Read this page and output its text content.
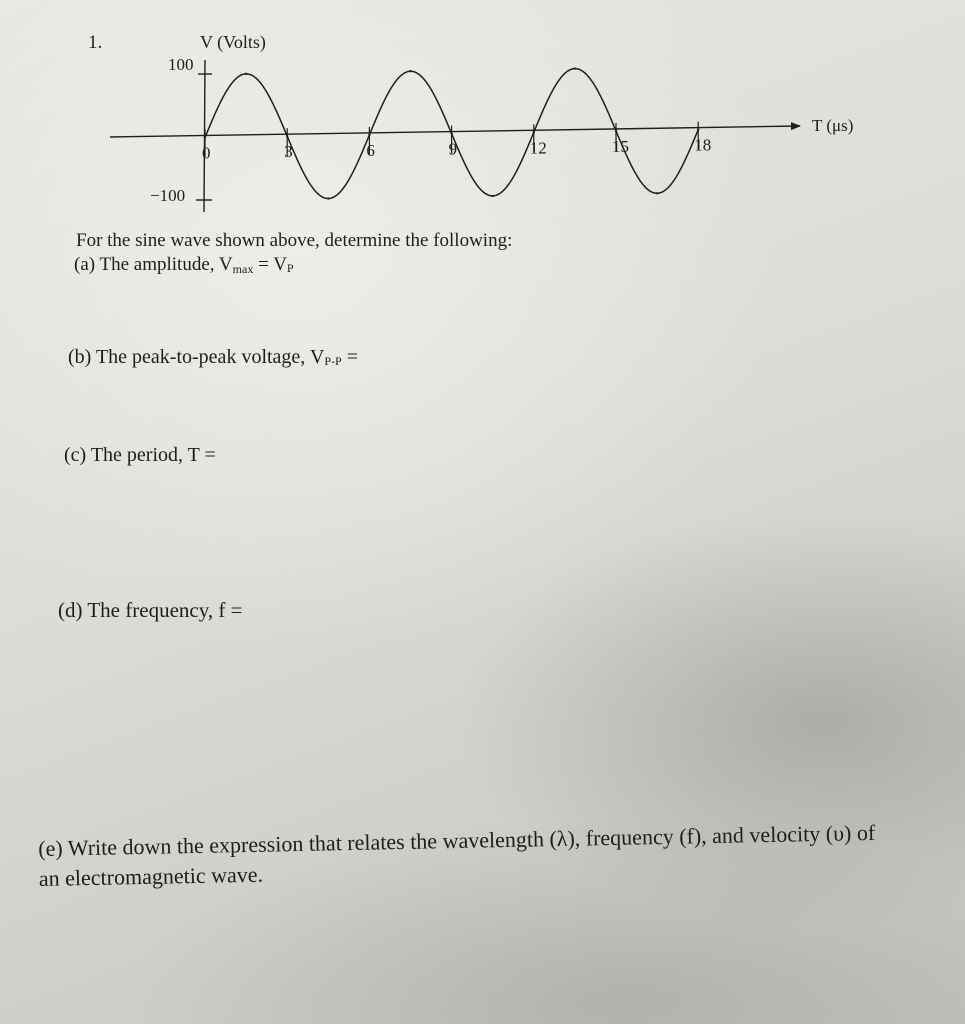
1.
0	3	6	9	12	15	18
V (Volts)
T (μs)
100
−100
For the sine wave shown above, determine the following:
(a) The amplitude, Vmax = VP
(b) The peak-to-peak voltage, VP-P =
(c) The period, T =
(d) The frequency, f =
(e) Write down the expression that relates the wavelength (λ), frequency (f), and velocity (υ) of
an electromagnetic wave.
